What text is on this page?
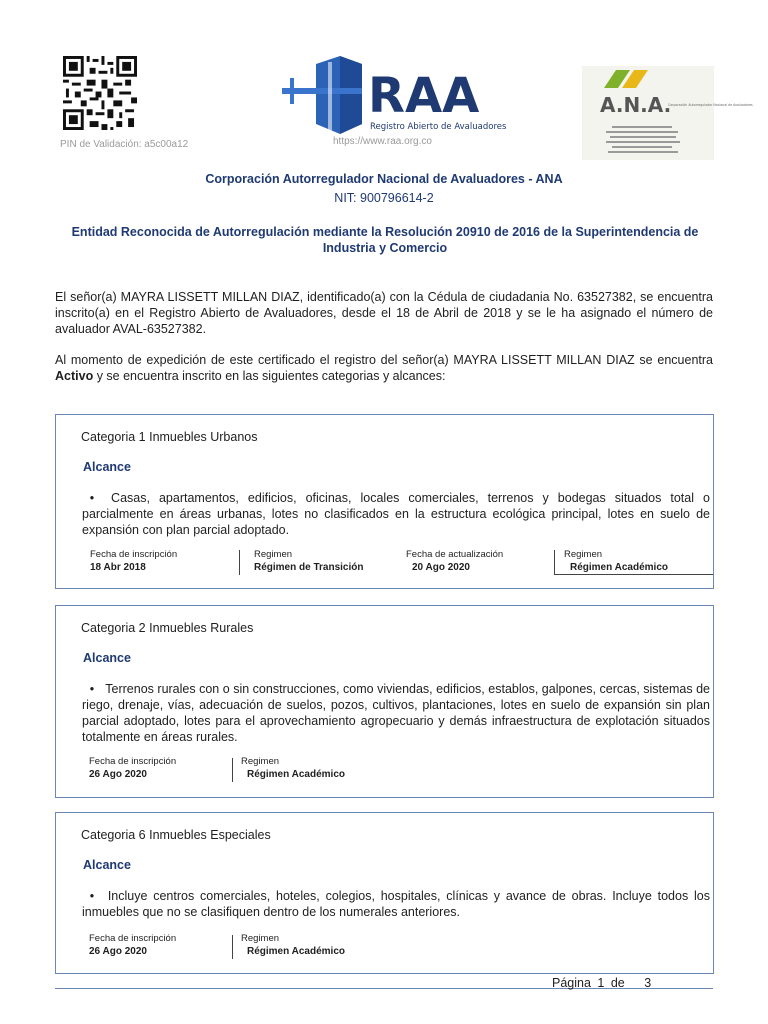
PIN de Validación: a5c00a12
RAA
Registro Abierto de Avaluadores
https://www.raa.org.co
A.N.A.
Corporación Autorregulador Nacional de Avaluadores
Corporación Autorregulador Nacional de Avaluadores - ANA
NIT: 900796614-2
Entidad Reconocida de Autorregulación mediante la Resolución 20910 de 2016 de la Superintendencia de Industria y Comercio
El señor(a) MAYRA LISSETT MILLAN DIAZ, identificado(a) con la Cédula de ciudadania No. 63527382, se encuentra inscrito(a) en el Registro Abierto de Avaluadores, desde el 18 de Abril de 2018 y se le ha asignado el número de avaluador AVAL-63527382.
Al momento de expedición de este certificado el registro del señor(a) MAYRA LISSETT MILLAN DIAZ se encuentra Activo y se encuentra inscrito en las siguientes categorias y alcances:
Categoria 1 Inmuebles Urbanos
Alcance
• Casas, apartamentos, edificios, oficinas, locales comerciales, terrenos y bodegas situados total o parcialmente en áreas urbanas, lotes no clasificados en la estructura ecológica principal, lotes en suelo de expansión con plan parcial adoptado.
Fecha de inscripción
18 Abr 2018
Regimen
Régimen de Transición
Fecha de actualización
20 Ago 2020
Regimen
Régimen Académico
Categoria 2 Inmuebles Rurales
Alcance
• Terrenos rurales con o sin construcciones, como viviendas, edificios, establos, galpones, cercas, sistemas de riego, drenaje, vías, adecuación de suelos, pozos, cultivos, plantaciones, lotes en suelo de expansión sin plan parcial adoptado, lotes para el aprovechamiento agropecuario y demás infraestructura de explotación situados totalmente en áreas rurales.
Fecha de inscripción
26 Ago 2020
Regimen
Régimen Académico
Categoria 6 Inmuebles Especiales
Alcance
• Incluye centros comerciales, hoteles, colegios, hospitales, clínicas y avance de obras. Incluye todos los inmuebles que no se clasifiquen dentro de los numerales anteriores.
Fecha de inscripción
26 Ago 2020
Regimen
Régimen Académico
Página 1 de 3
